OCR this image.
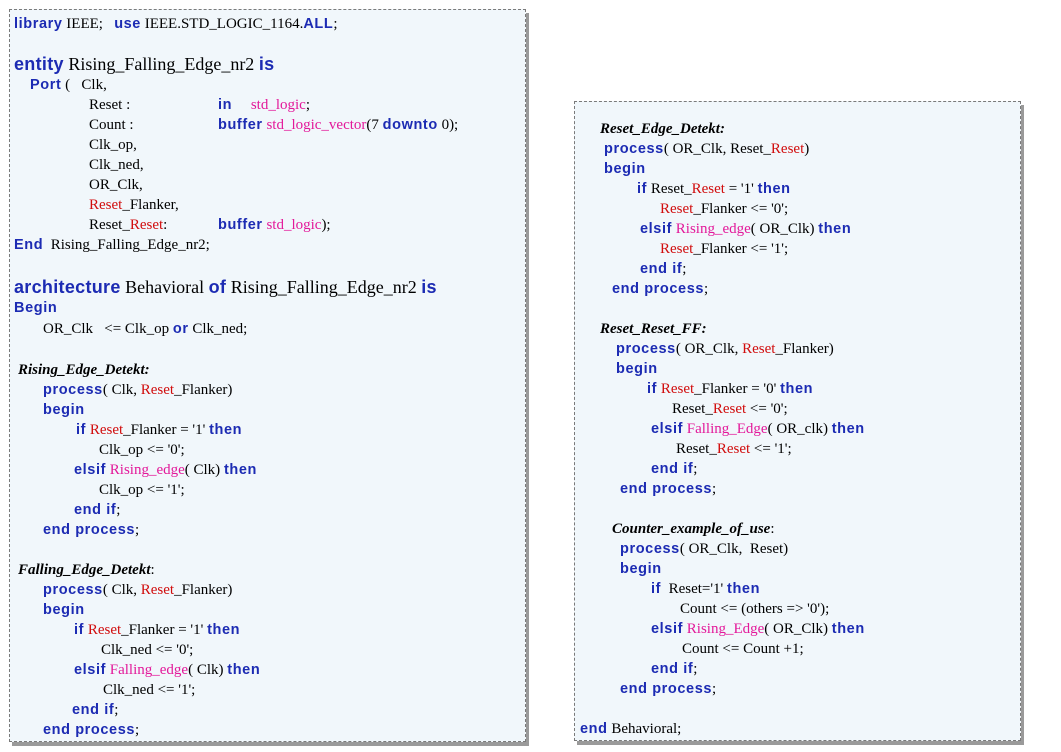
library IEEE;   use IEEE.STD_LOGIC_1164.ALL;
entity Rising_Falling_Edge_nr2 is
Port (   Clk,
Reset :	in std_logic;
Count :	buffer std_logic_vector(7 downto 0);
Clk_op,
Clk_ned,
OR_Clk,
Reset_Flanker,
Reset_Reset:	buffer std_logic);
End  Rising_Falling_Edge_nr2;
architecture Behavioral of Rising_Falling_Edge_nr2 is
Begin
OR_Clk   <= Clk_op or Clk_ned;
Rising_Edge_Detekt:
process( Clk, Reset_Flanker)
begin
if Reset_Flanker = '1' then
Clk_op <= '0';
elsif Rising_edge( Clk) then
Clk_op <= '1';
end if;
end process;
Falling_Edge_Detekt:
process( Clk, Reset_Flanker)
begin
if Reset_Flanker = '1' then
Clk_ned <= '0';
elsif Falling_edge( Clk) then
Clk_ned <= '1';
end if;
end process;
Reset_Edge_Detekt:
process( OR_Clk, Reset_Reset)
begin
if Reset_Reset = '1' then
Reset_Flanker <= '0';
elsif Rising_edge( OR_Clk) then
Reset_Flanker <= '1';
end if;
end process;
Reset_Reset_FF:
process( OR_Clk, Reset_Flanker)
begin
if Reset_Flanker = '0' then
Reset_Reset <= '0';
elsif Falling_Edge( OR_clk) then
Reset_Reset <= '1';
end if;
end process;
Counter_example_of_use:
process( OR_Clk,  Reset)
begin
if  Reset='1' then
Count <= (others => '0');
elsif Rising_Edge( OR_Clk) then
Count <= Count +1;
end if;
end process;
end Behavioral;
